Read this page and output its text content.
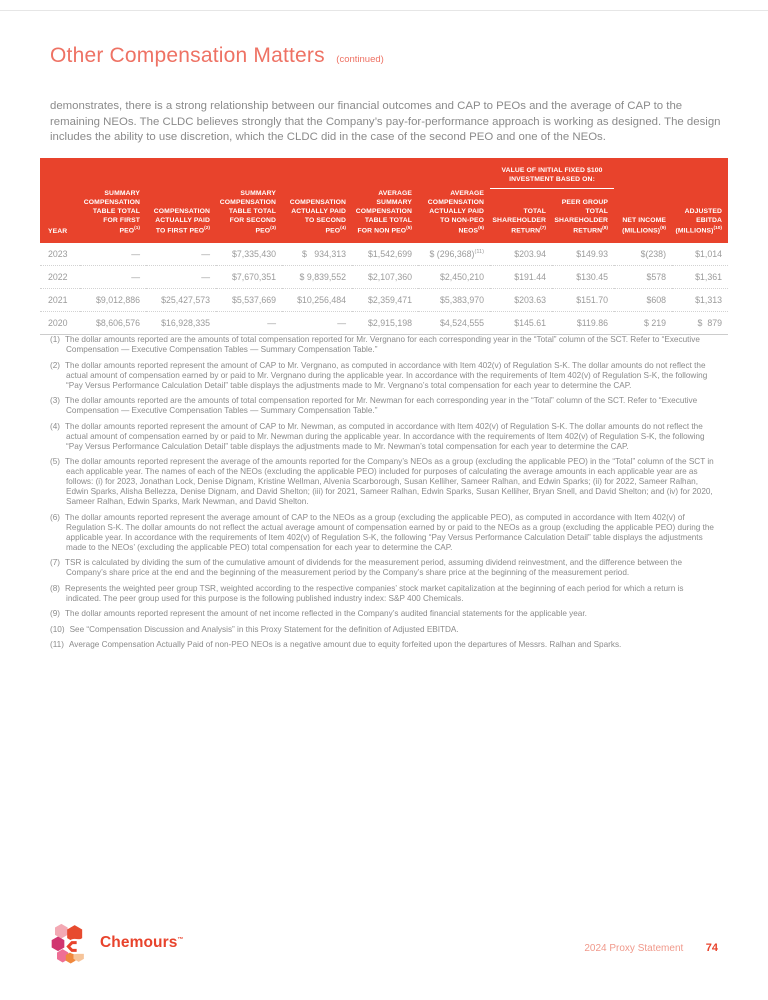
Other Compensation Matters (continued)

demonstrates, there is a strong relationship between our financial outcomes and CAP to PEOs and the average of CAP to the remaining NEOs. The CLDC believes strongly that the Company’s pay-for-performance approach is working as designed. The design includes the ability to use discretion, which the CLDC did in the case of the second PEO and one of the NEOs.

							VALUE OF INITIAL FIXED $100 INVESTMENT BASED ON:			
YEAR	SUMMARY COMPENSATION TABLE TOTAL FOR FIRST PEO$^{(1)}$	COMPENSATION ACTUALLY PAID TO FIRST PEO$^{(2)}$	SUMMARY COMPENSATION TABLE TOTAL FOR SECOND PEO$^{(3)}$	COMPENSATION ACTUALLY PAID TO SECOND PEO$^{(4)}$	AVERAGE SUMMARY COMPENSATION TABLE TOTAL FOR NON PEO$^{(5)}$	AVERAGE COMPENSATION ACTUALLY PAID TO NON-PEO NEOS$^{(6)}$	TOTAL SHAREHOLDER RETURN$^{(7)}$	PEER GROUP TOTAL SHAREHOLDER RETURN$^{(8)}$	NET INCOME (MILLIONS)$^{(9)}$	ADJUSTED EBITDA (MILLIONS)$^{(10)}$
2023	—	—	$7,335,430	$   934,313	$1,542,699	$ $(296,368)^{(11)}$	$203.94	$149.93	$(238)	$1,014
2022	—	—	$7,670,351	$ 9,839,552	$2,107,360	$2,450,210	$191.44	$130.45	$578	$1,361
2021	$9,012,886	$25,427,573	$5,537,669	$10,256,484	$2,359,471	$5,383,970	$203.63	$151.70	$608	$1,313
2020	$8,606,576	$16,928,335	—	—	$2,915,198	$4,524,555	$145.61	$119.86	$ 219	$  879
(1) The dollar amounts reported are the amounts of total compensation reported for Mr. Vergnano for each corresponding year in the “Total” column of the SCT. Refer to “Executive Compensation — Executive Compensation Tables — Summary Compensation Table.”
(2) The dollar amounts reported represent the amount of CAP to Mr. Vergnano, as computed in accordance with Item 402(v) of Regulation S-K. The dollar amounts do not reflect the actual amount of compensation earned by or paid to Mr. Vergnano during the applicable year. In accordance with the requirements of Item 402(v) of Regulation S-K, the following “Pay Versus Performance Calculation Detail” table displays the adjustments made to Mr. Vergnano’s total compensation for each year to determine the CAP.
(3) The dollar amounts reported are the amounts of total compensation reported for Mr. Newman for each corresponding year in the “Total” column of the SCT. Refer to “Executive Compensation — Executive Compensation Tables — Summary Compensation Table.”
(4) The dollar amounts reported represent the amount of CAP to Mr. Newman, as computed in accordance with Item 402(v) of Regulation S-K. The dollar amounts do not reflect the actual amount of compensation earned by or paid to Mr. Newman during the applicable year. In accordance with the requirements of Item 402(v) of Regulation S-K, the following “Pay Versus Performance Calculation Detail” table displays the adjustments made to Mr. Newman’s total compensation for each year to determine the CAP.
(5) The dollar amounts reported represent the average of the amounts reported for the Company’s NEOs as a group (excluding the applicable PEO) in the “Total” column of the SCT in each applicable year. The names of each of the NEOs (excluding the applicable PEO) included for purposes of calculating the average amounts in each applicable year are as follows: (i) for 2023, Jonathan Lock, Denise Dignam, Kristine Wellman, Alvenia Scarborough, Susan Kelliher, Sameer Ralhan, and Edwin Sparks; (ii) for 2022, Sameer Ralhan, Edwin Sparks, Alisha Bellezza, Denise Dignam, and David Shelton; (iii) for 2021, Sameer Ralhan, Edwin Sparks, Susan Kelliher, Bryan Snell, and David Shelton; and (iv) for 2020, Sameer Ralhan, Edwin Sparks, Mark Newman, and David Shelton.
(6) The dollar amounts reported represent the average amount of CAP to the NEOs as a group (excluding the applicable PEO), as computed in accordance with Item 402(v) of Regulation S-K. The dollar amounts do not reflect the actual average amount of compensation earned by or paid to the NEOs as a group (excluding the applicable PEO) during the applicable year. In accordance with the requirements of Item 402(v) of Regulation S-K, the following “Pay Versus Performance Calculation Detail” table displays the adjustments made to the NEOs’ (excluding the applicable PEO) total compensation for each year to determine the CAP.
(7) TSR is calculated by dividing the sum of the cumulative amount of dividends for the measurement period, assuming dividend reinvestment, and the difference between the Company’s share price at the end and the beginning of the measurement period by the Company’s share price at the beginning of the measurement period.
(8) Represents the weighted peer group TSR, weighted according to the respective companies’ stock market capitalization at the beginning of each period for which a return is indicated. The peer group used for this purpose is the following published industry index: S&P 400 Chemicals.
(9) The dollar amounts reported represent the amount of net income reflected in the Company’s audited financial statements for the applicable year.
(10) See “Compensation Discussion and Analysis” in this Proxy Statement for the definition of Adjusted EBITDA.
(11) Average Compensation Actually Paid of non-PEO NEOs is a negative amount due to equity forfeited upon the departures of Messrs. Ralhan and Sparks.
Chemours™
2024 Proxy Statement 74
